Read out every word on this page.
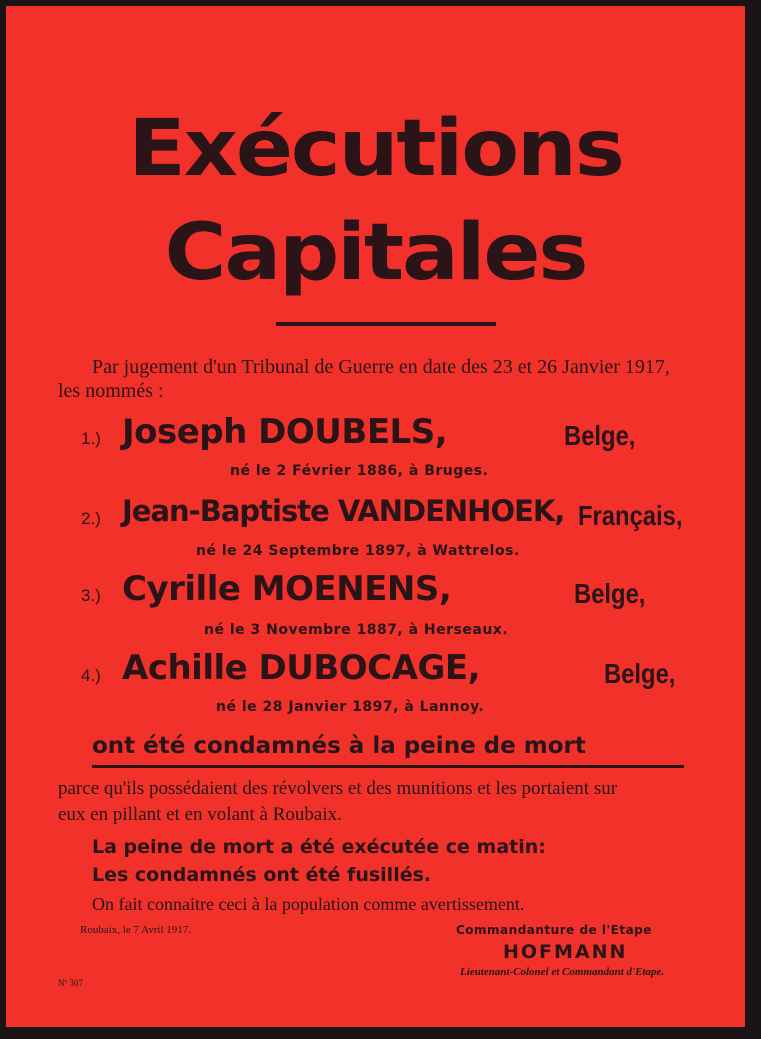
Exécutions
Capitales
Par jugement d'un Tribunal de Guerre en date des 23 et 26 Janvier 1917,
les nommés :
1.) Joseph DOUBELS,	Belge,
né le 2 Février 1886, à Bruges.
2.) Jean-Baptiste VANDENHOEK, Français,
né le 24 Septembre 1897, à Wattrelos.
3.) Cyrille MOENENS,	Belge,
né le 3 Novembre 1887, à Herseaux.
4.) Achille DUBOCAGE,	Belge,
né le 28 Janvier 1897, à Lannoy.
ont été condamnés à la peine de mort
parce qu'ils possédaient des révolvers et des munitions et les portaient sur
eux en pillant et en volant à Roubaix.
La peine de mort a été exécutée ce matin:
Les condamnés ont été fusillés.
On fait connaitre ceci à la population comme avertissement.
Roubaix, le 7 Avril 1917.	Commandanture de l'Etape
HOFMANN
Lieutenant-Colonel et Commandant d'Etape.
Nº 307
